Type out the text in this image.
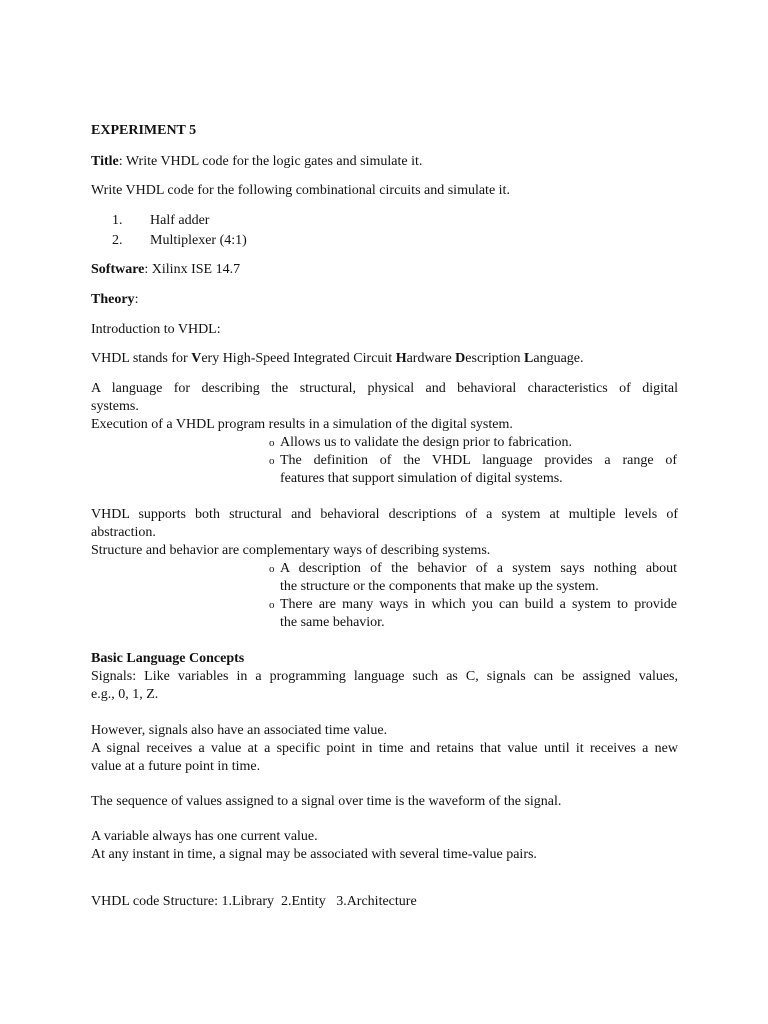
EXPERIMENT 5
Title: Write VHDL code for the logic gates and simulate it.
Write VHDL code for the following combinational circuits and simulate it.
1. Half adder
2. Multiplexer (4:1)
Software: Xilinx ISE 14.7
Theory:
Introduction to VHDL:
VHDL stands for Very High-Speed Integrated Circuit Hardware Description Language.
A language for describing the structural, physical and behavioral characteristics of digital
systems.
Execution of a VHDL program results in a simulation of the digital system.
o Allows us to validate the design prior to fabrication.
o The definition of the VHDL language provides a range of
features that support simulation of digital systems.
VHDL supports both structural and behavioral descriptions of a system at multiple levels of
abstraction.
Structure and behavior are complementary ways of describing systems.
o A description of the behavior of a system says nothing about
the structure or the components that make up the system.
o There are many ways in which you can build a system to provide
the same behavior.
Basic Language Concepts
Signals: Like variables in a programming language such as C, signals can be assigned values,
e.g., 0, 1, Z.
However, signals also have an associated time value.
A signal receives a value at a specific point in time and retains that value until it receives a new
value at a future point in time.
The sequence of values assigned to a signal over time is the waveform of the signal.
A variable always has one current value.
At any instant in time, a signal may be associated with several time-value pairs.
VHDL code Structure: 1.Library  2.Entity   3.Architecture
